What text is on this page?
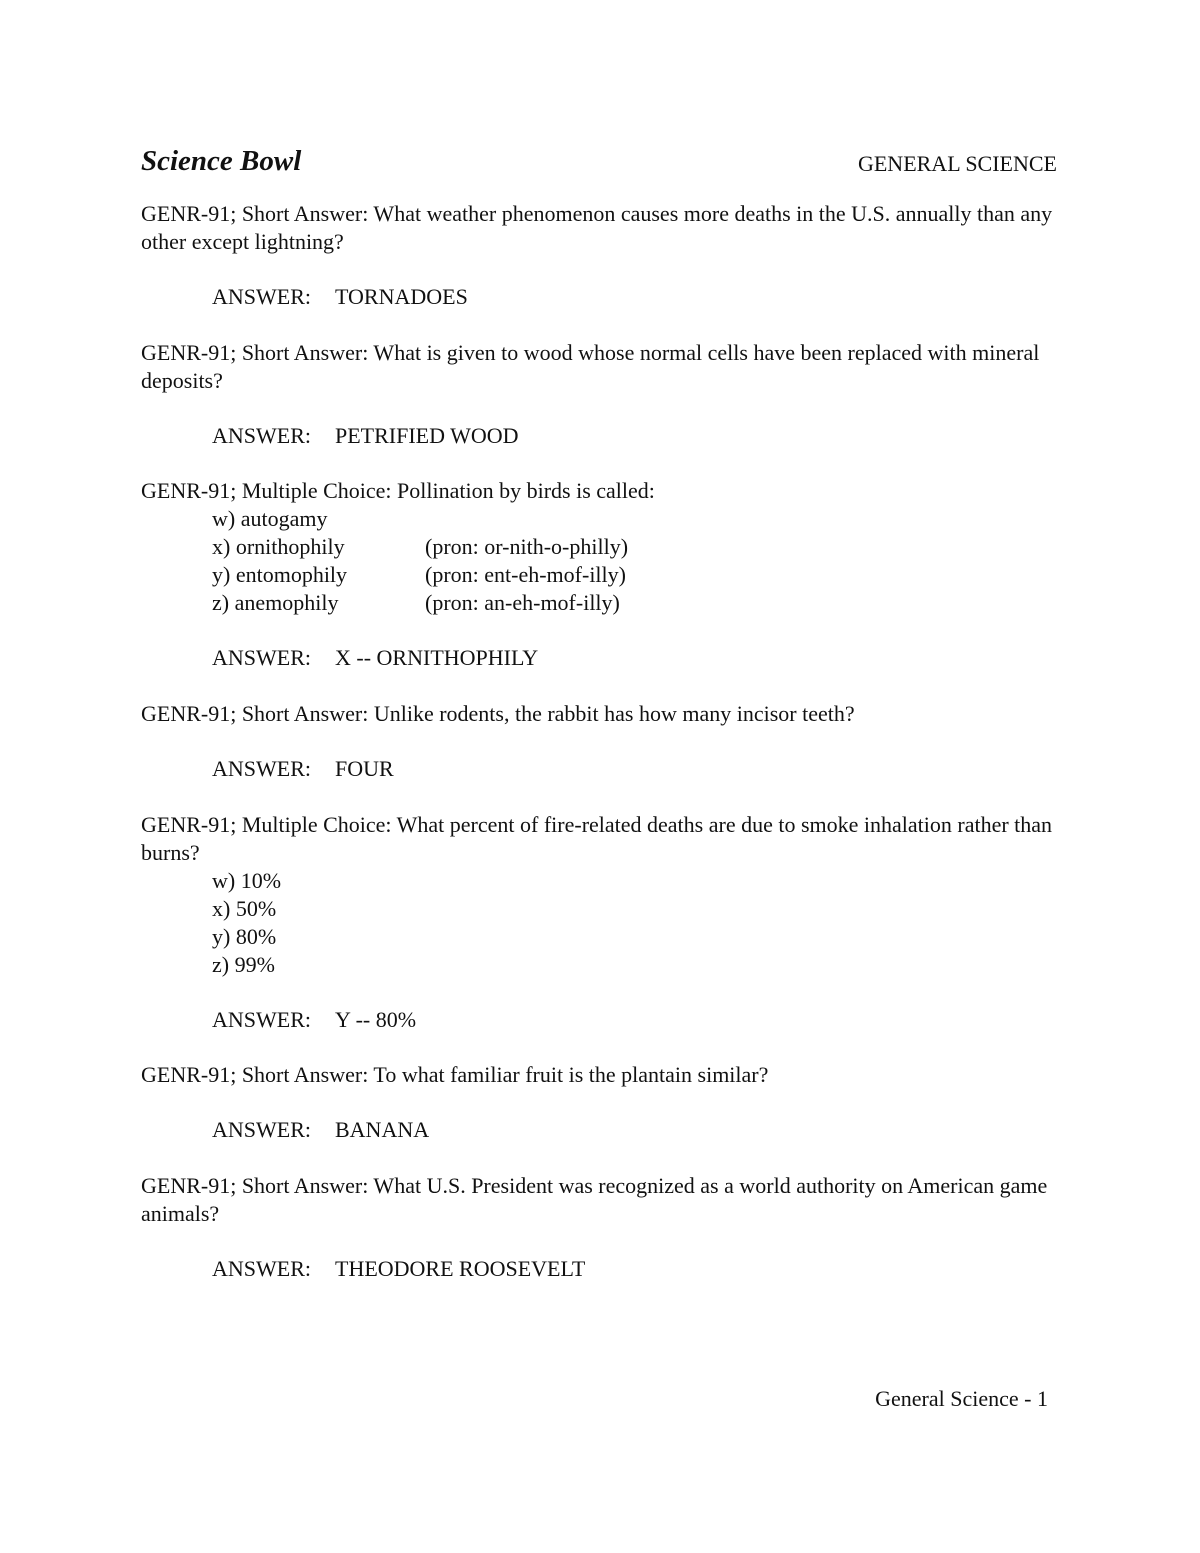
Science Bowl	GENERAL SCIENCE
GENR-91; Short Answer: What weather phenomenon causes more deaths in the U.S. annually than any other except lightning?
ANSWER: TORNADOES
GENR-91; Short Answer: What is given to wood whose normal cells have been replaced with mineral deposits?
ANSWER: PETRIFIED WOOD
GENR-91; Multiple Choice: Pollination by birds is called:
w) autogamy
x) ornithophily	(pron: or-nith-o-philly)
y) entomophily	(pron: ent-eh-mof-illy)
z) anemophily	(pron: an-eh-mof-illy)
ANSWER: X -- ORNITHOPHILY
GENR-91; Short Answer: Unlike rodents, the rabbit has how many incisor teeth?
ANSWER: FOUR
GENR-91; Multiple Choice: What percent of fire-related deaths are due to smoke inhalation rather than burns?
w) 10%
x) 50%
y) 80%
z) 99%
ANSWER: Y -- 80%
GENR-91; Short Answer: To what familiar fruit is the plantain similar?
ANSWER: BANANA
GENR-91; Short Answer: What U.S. President was recognized as a world authority on American game animals?
ANSWER: THEODORE ROOSEVELT
General Science - 1
